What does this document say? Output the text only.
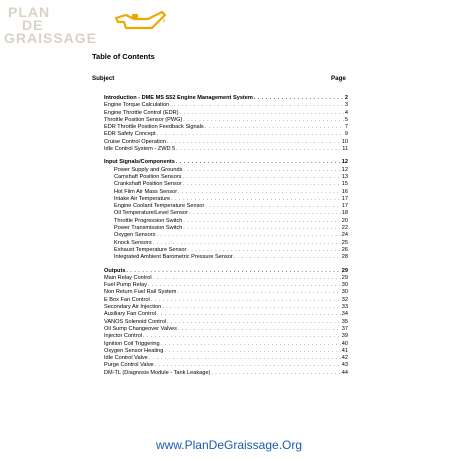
PLAN
DE
GRAISSAGE
Table of Contents
Subject	Page
Introduction - DME MS S52 Engine Management System . . .	2
Engine Torque Calculation . . .	3
Engine Throttle Control (EDR) . . .	4
Throttle Position Sensor (PWG) . . .	5
EDR Throttle Position Feedback Signals . . .	7
EDR Safety Concept . . .	9
Cruise Control Operation . . .	10
Idle Control System - ZWD 5 . . .	11
Input Signals/Components . . .	12
Power Supply and Grounds . . .	12
Camshaft Position Sensors . . .	13
Crankshaft Position Sensor . . .	15
Hot Film Air Mass Sensor . . .	16
Intake Air Temperature . . .	17
Engine Coolant Temperature Sensor . . .	17
Oil Temperature/Level Sensor . . .	18
Throttle Progression Switch . . .	20
Power Transmission Switch . . .	22
Oxygen Sensors . . .	24
Knock Sensors . . .	25
Exhaust Temperature Sensor . . .	26
Integrated Ambient Barometric Pressure Sensor . . .	28
Outputs . . .	29
Main Relay Control . . .	29
Fuel Pump Relay . . .	30
Non Return Fuel Rail System . . .	30
E Box Fan Control . . .	32
Secondary Air Injection . . .	33
Auxiliary Fan Control . . .	34
VANOS Solenoid Control . . .	35
Oil Sump Changeover Valves . . .	37
Injector Control . . .	39
Ignition Coil Triggering . . .	40
Oxygen Sensor Heating . . .	41
Idle Control Valve . . .	42
Purge Control Valve . . .	43
DM-TL (Diagnosis Module - Tank Leakage) . . .	44
www.PlanDeGraissage.Org
